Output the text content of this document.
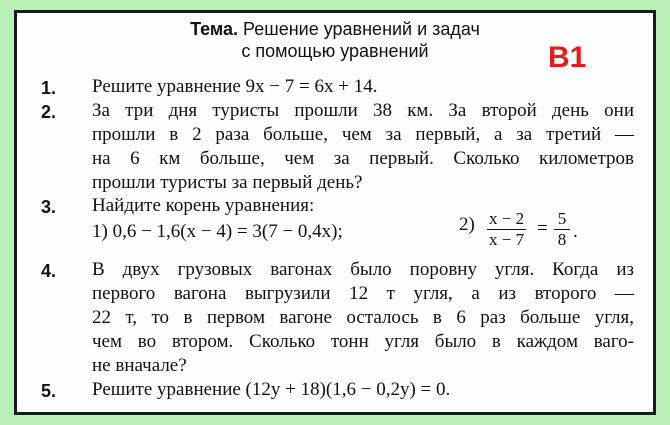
Тема. Решение уравнений и задач
с помощью уравнений	В1
1. Решите уравнение 9x − 7 = 6x + 14.
2. За три дня туристы прошли 38 км. За второй день они
прошли в 2 раза больше, чем за первый, а за третий —
на 6 км больше, чем за первый. Сколько километров
прошли туристы за первый день?
3. Найдите корень уравнения:
1) 0,6 − 1,6(x − 4) = 3(7 − 0,4x);	$2) \frac{x - 2}{x - 7} = \frac{5}{8}$ .
4. В двух грузовых вагонах было поровну угля. Когда из
первого вагона выгрузили 12 т угля, а из второго —
22 т, то в первом вагоне осталось в 6 раз больше угля,
чем во втором. Сколько тонн угля было в каждом ваго-
не вначале?
5. Решите уравнение (12y + 18)(1,6 − 0,2y) = 0.
